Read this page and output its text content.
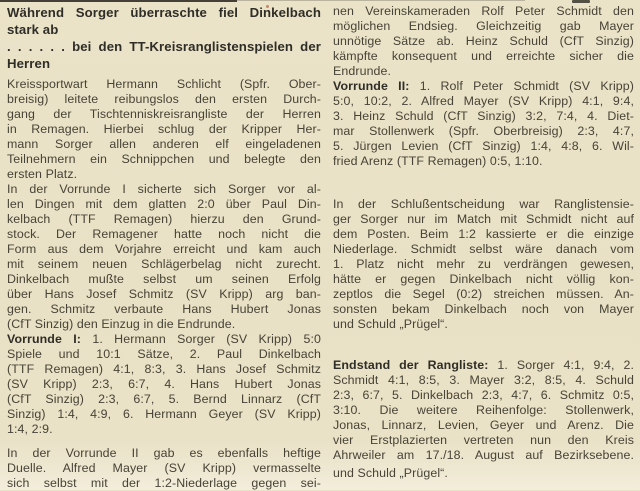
Während Sorger überraschte fiel Dinkelbach
stark ab
. . . . . . bei den TT-Kreisranglistenspielen der
Herren
Kreissportwart Hermann Schlicht (Spfr. Ober-
breisig) leitete reibungslos den ersten Durch-
gang der Tischtenniskreisrangliste der Herren
in Remagen. Hierbei schlug der Kripper Her-
mann Sorger allen anderen elf eingeladenen
Teilnehmern ein Schnippchen und belegte den
ersten Platz.
In der Vorrunde I sicherte sich Sorger vor al-
len Dingen mit dem glatten 2:0 über Paul Din-
kelbach (TTF Remagen) hierzu den Grund-
stock. Der Remagener hatte noch nicht die
Form aus dem Vorjahre erreicht und kam auch
mit seinem neuen Schlägerbelag nicht zurecht.
Dinkelbach mußte selbst um seinen Erfolg
über Hans Josef Schmitz (SV Kripp) arg ban-
gen. Schmitz verbaute Hans Hubert Jonas
(CfT Sinzig) den Einzug in die Endrunde.
Vorrunde I: 1. Hermann Sorger (SV Kripp) 5:0
Spiele und 10:1 Sätze, 2. Paul Dinkelbach
(TTF Remagen) 4:1, 8:3, 3. Hans Josef Schmitz
(SV Kripp) 2:3, 6:7, 4. Hans Hubert Jonas
(CfT Sinzig) 2:3, 6:7, 5. Bernd Linnarz (CfT
Sinzig) 1:4, 4:9, 6. Hermann Geyer (SV Kripp)
1:4, 2:9.
In der Vorrunde II gab es ebenfalls heftige
Duelle. Alfred Mayer (SV Kripp) vermasselte
sich selbst mit der 1:2-Niederlage gegen sei-
nen Vereinskameraden Rolf Peter Schmidt den
möglichen Endsieg. Gleichzeitig gab Mayer
unnötige Sätze ab. Heinz Schuld (CfT Sinzig)
kämpfte konsequent und erreichte sicher die
Endrunde.
Vorrunde II: 1. Rolf Peter Schmidt (SV Kripp)
5:0, 10:2, 2. Alfred Mayer (SV Kripp) 4:1, 9:4,
3. Heinz Schuld (CfT Sinzig) 3:2, 7:4, 4. Diet-
mar Stollenwerk (Spfr. Oberbreisig) 2:3, 4:7,
5. Jürgen Levien (CfT Sinzig) 1:4, 4:8, 6. Wil-
fried Arenz (TTF Remagen) 0:5, 1:10.
In der Schlußentscheidung war Ranglistensie-
ger Sorger nur im Match mit Schmidt nicht auf
dem Posten. Beim 1:2 kassierte er die einzige
Niederlage. Schmidt selbst wäre danach vom
1. Platz nicht mehr zu verdrängen gewesen,
hätte er gegen Dinkelbach nicht völlig kon-
zeptlos die Segel (0:2) streichen müssen. An-
sonsten bekam Dinkelbach noch von Mayer
und Schuld „Prügel“.
Endstand der Rangliste: 1. Sorger 4:1, 9:4, 2.
Schmidt 4:1, 8:5, 3. Mayer 3:2, 8:5, 4. Schuld
2:3, 6:7, 5. Dinkelbach 2:3, 4:7, 6. Schmitz 0:5,
3:10. Die weitere Reihenfolge: Stollenwerk,
Jonas, Linnarz, Levien, Geyer und Arenz. Die
vier Erstplazierten vertreten nun den Kreis
Ahrweiler am 17./18. August auf Bezirksebene.
und Schuld „Prügel“.
